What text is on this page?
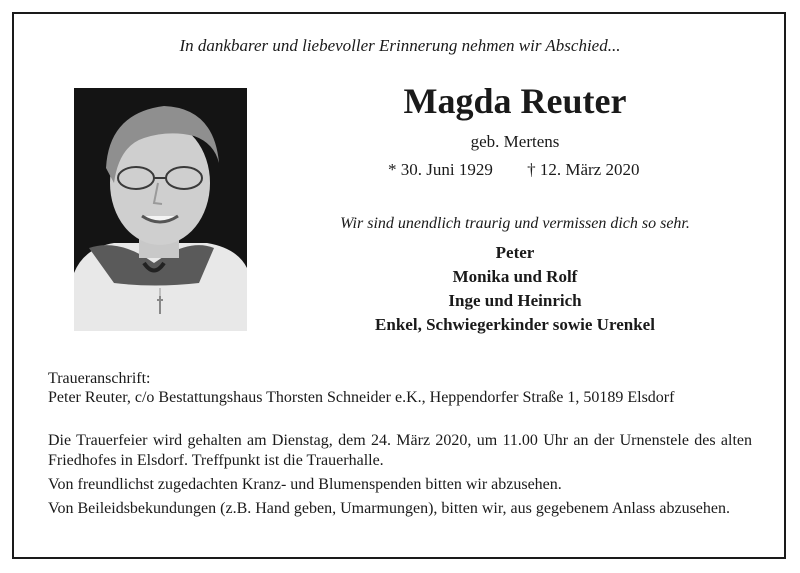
In dankbarer und liebevoller Erinnerung nehmen wir Abschied...
Magda Reuter
geb. Mertens
* 30. Juni 1929 † 12. März 2020
Wir sind unendlich traurig und vermissen dich so sehr.
Peter
Monika und Rolf
Inge und Heinrich
Enkel, Schwiegerkinder sowie Urenkel
Traueranschrift:
Peter Reuter, c/o Bestattungshaus Thorsten Schneider e.K., Heppendorfer Straße 1, 50189 Elsdorf

Die Trauerfeier wird gehalten am Dienstag, dem 24. März 2020, um 11.00 Uhr an der Urnenstele des alten Friedhofes in Elsdorf. Treffpunkt ist die Trauerhalle.

Von freundlichst zugedachten Kranz- und Blumenspenden bitten wir abzusehen.

Von Beileidsbekundungen (z.B. Hand geben, Umarmungen), bitten wir, aus gegebenem Anlass abzusehen.
